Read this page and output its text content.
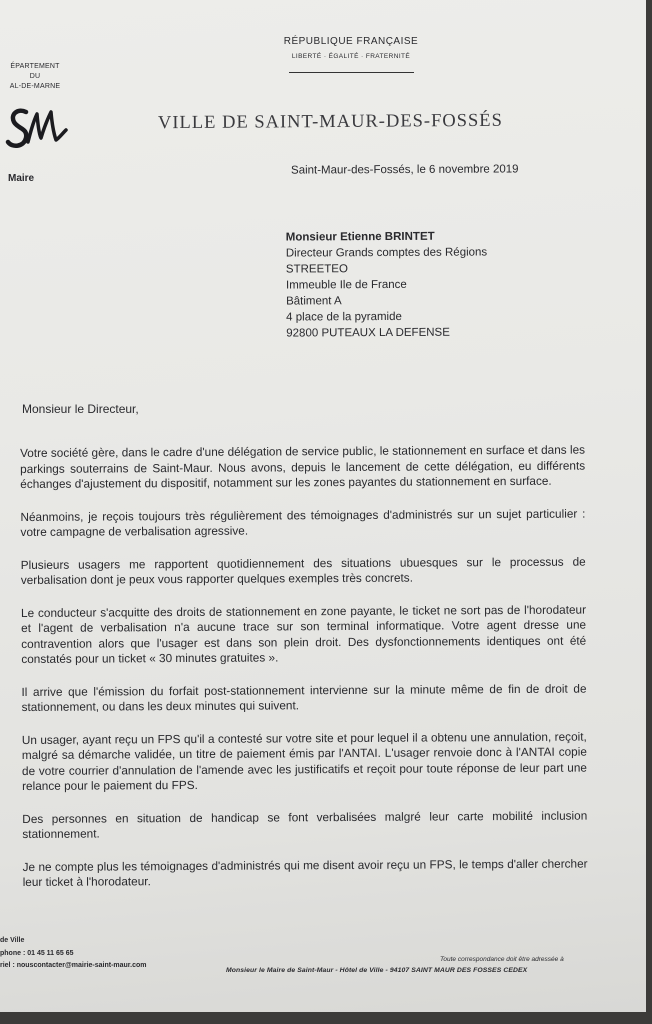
ÉPARTEMENT
DU
AL-DE-MARNE
SM
Maire
RÉPUBLIQUE FRANÇAISE
LIBERTÉ · ÉGALITÉ · FRATERNITÉ
VILLE DE SAINT-MAUR-DES-FOSSÉS
Saint-Maur-des-Fossés, le 6 novembre 2019
Monsieur Etienne BRINTET
Directeur Grands comptes des Régions
STREETEO
Immeuble Ile de France
Bâtiment A
4 place de la pyramide
92800 PUTEAUX LA DEFENSE
Monsieur le Directeur,

Votre société gère, dans le cadre d'une délégation de service public, le stationnement en surface et dans les parkings souterrains de Saint-Maur. Nous avons, depuis le lancement de cette délégation, eu différents échanges d'ajustement du dispositif, notamment sur les zones payantes du stationnement en surface.

Néanmoins, je reçois toujours très régulièrement des témoignages d'administrés sur un sujet particulier : votre campagne de verbalisation agressive.

Plusieurs usagers me rapportent quotidiennement des situations ubuesques sur le processus de verbalisation dont je peux vous rapporter quelques exemples très concrets.

Le conducteur s'acquitte des droits de stationnement en zone payante, le ticket ne sort pas de l'horodateur et l'agent de verbalisation n'a aucune trace sur son terminal informatique. Votre agent dresse une contravention alors que l'usager est dans son plein droit. Des dysfonctionnements identiques ont été constatés pour un ticket « 30 minutes gratuites ».

Il arrive que l'émission du forfait post-stationnement intervienne sur la minute même de fin de droit de stationnement, ou dans les deux minutes qui suivent.

Un usager, ayant reçu un FPS qu'il a contesté sur votre site et pour lequel il a obtenu une annulation, reçoit, malgré sa démarche validée, un titre de paiement émis par l'ANTAI. L'usager renvoie donc à l'ANTAI copie de votre courrier d'annulation de l'amende avec les justificatifs et reçoit pour toute réponse de leur part une relance pour le paiement du FPS.

Des personnes en situation de handicap se font verbalisées malgré leur carte mobilité inclusion stationnement.

Je ne compte plus les témoignages d'administrés qui me disent avoir reçu un FPS, le temps d'aller chercher leur ticket à l'horodateur.

de Ville
phone : 01 45 11 65 65
riel : nouscontacter@mairie-saint-maur.com
Toute correspondance doit être adressée à
Monsieur le Maire de Saint-Maur - Hôtel de Ville - 94107 SAINT MAUR DES FOSSES CEDEX
